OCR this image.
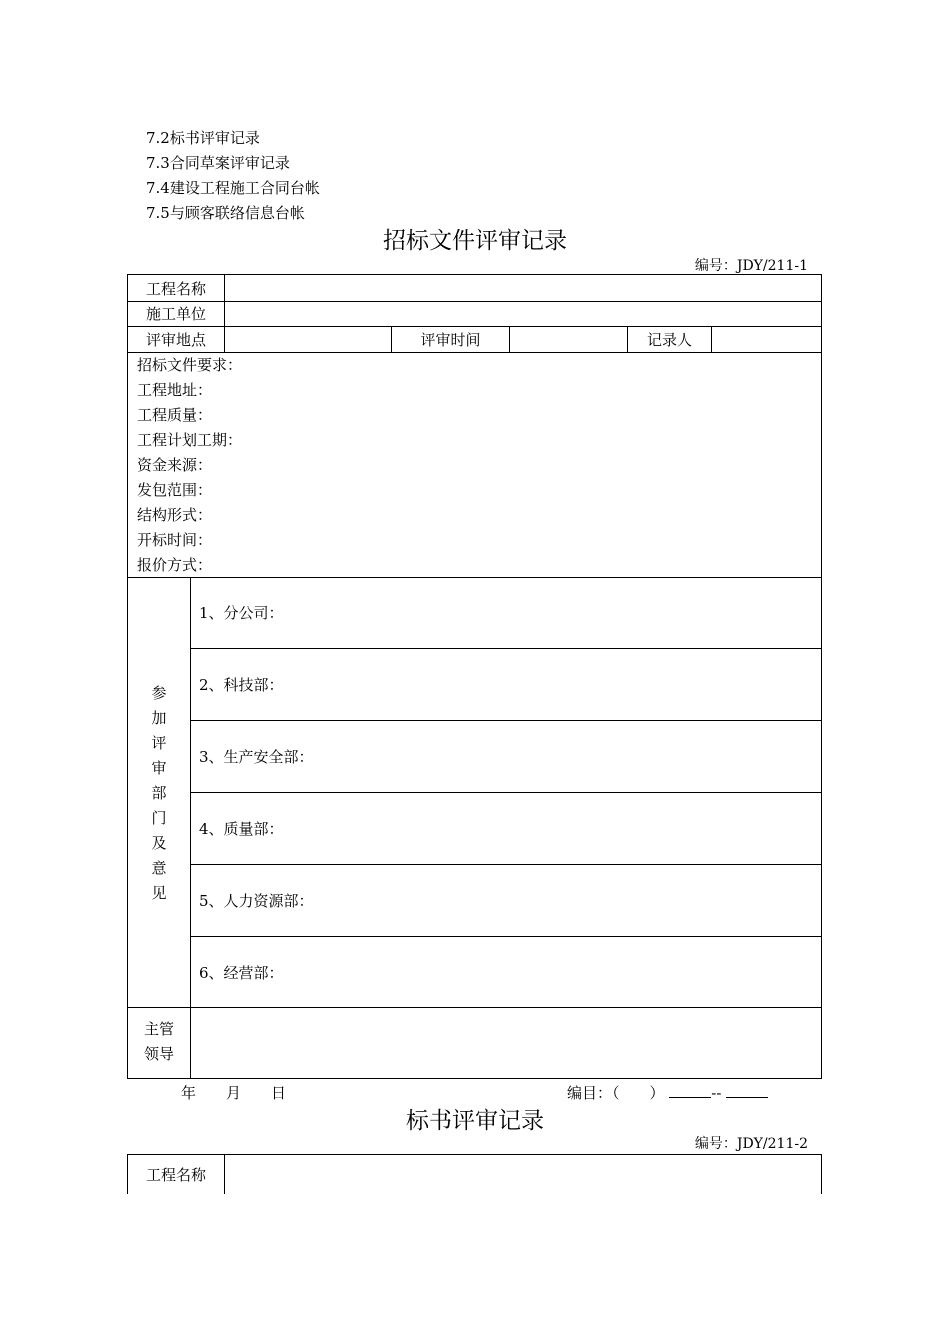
7.2标书评审记录
7.3合同草案评审记录
7.4建设工程施工合同台帐
7.5与顾客联络信息台帐
招标文件评审记录
编号：JDY/211-1
工程名称
施工单位
评审地点	评审时间	记录人
招标文件要求：
工程地址：
工程质量：
工程计划工期：
资金来源：
发包范围：
结构形式：
开标时间：
报价方式：
参
加
评
审
部
门
及
意
见
1、分公司：
2、科技部：
3、生产安全部：
4、质量部：
5、人力资源部：
6、经营部：
主管
领导
年　　月　　日	编目：（　　）	--
标书评审记录
编号：JDY/211-2
工程名称
